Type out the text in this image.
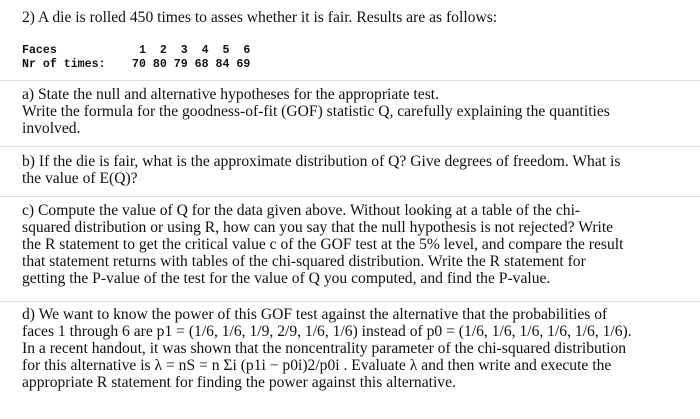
2) A die is rolled 450 times to asses whether it is fair. Results are as follows:
Faces	1  2  3  4  5  6
Nr of times: 70 80 79 68 84 69
a) State the null and alternative hypotheses for the appropriate test.
Write the formula for the goodness-of-fit (GOF) statistic Q, carefully explaining the quantities
involved.
b) If the die is fair, what is the approximate distribution of Q? Give degrees of freedom. What is
the value of E(Q)?
c) Compute the value of Q for the data given above. Without looking at a table of the chi-
squared distribution or using R, how can you say that the null hypothesis is not rejected? Write
the R statement to get the critical value c of the GOF test at the 5% level, and compare the result
that statement returns with tables of the chi-squared distribution. Write the R statement for
getting the P-value of the test for the value of Q you computed, and find the P-value.
d) We want to know the power of this GOF test against the alternative that the probabilities of
faces 1 through 6 are p1 = (1/6, 1/6, 1/9, 2/9, 1/6, 1/6) instead of p0 = (1/6, 1/6, 1/6, 1/6, 1/6, 1/6).
In a recent handout, it was shown that the noncentrality parameter of the chi-squared distribution
for this alternative is λ = nS = n Σi (p1i − p0i)2/p0i . Evaluate λ and then write and execute the
appropriate R statement for finding the power against this alternative.
